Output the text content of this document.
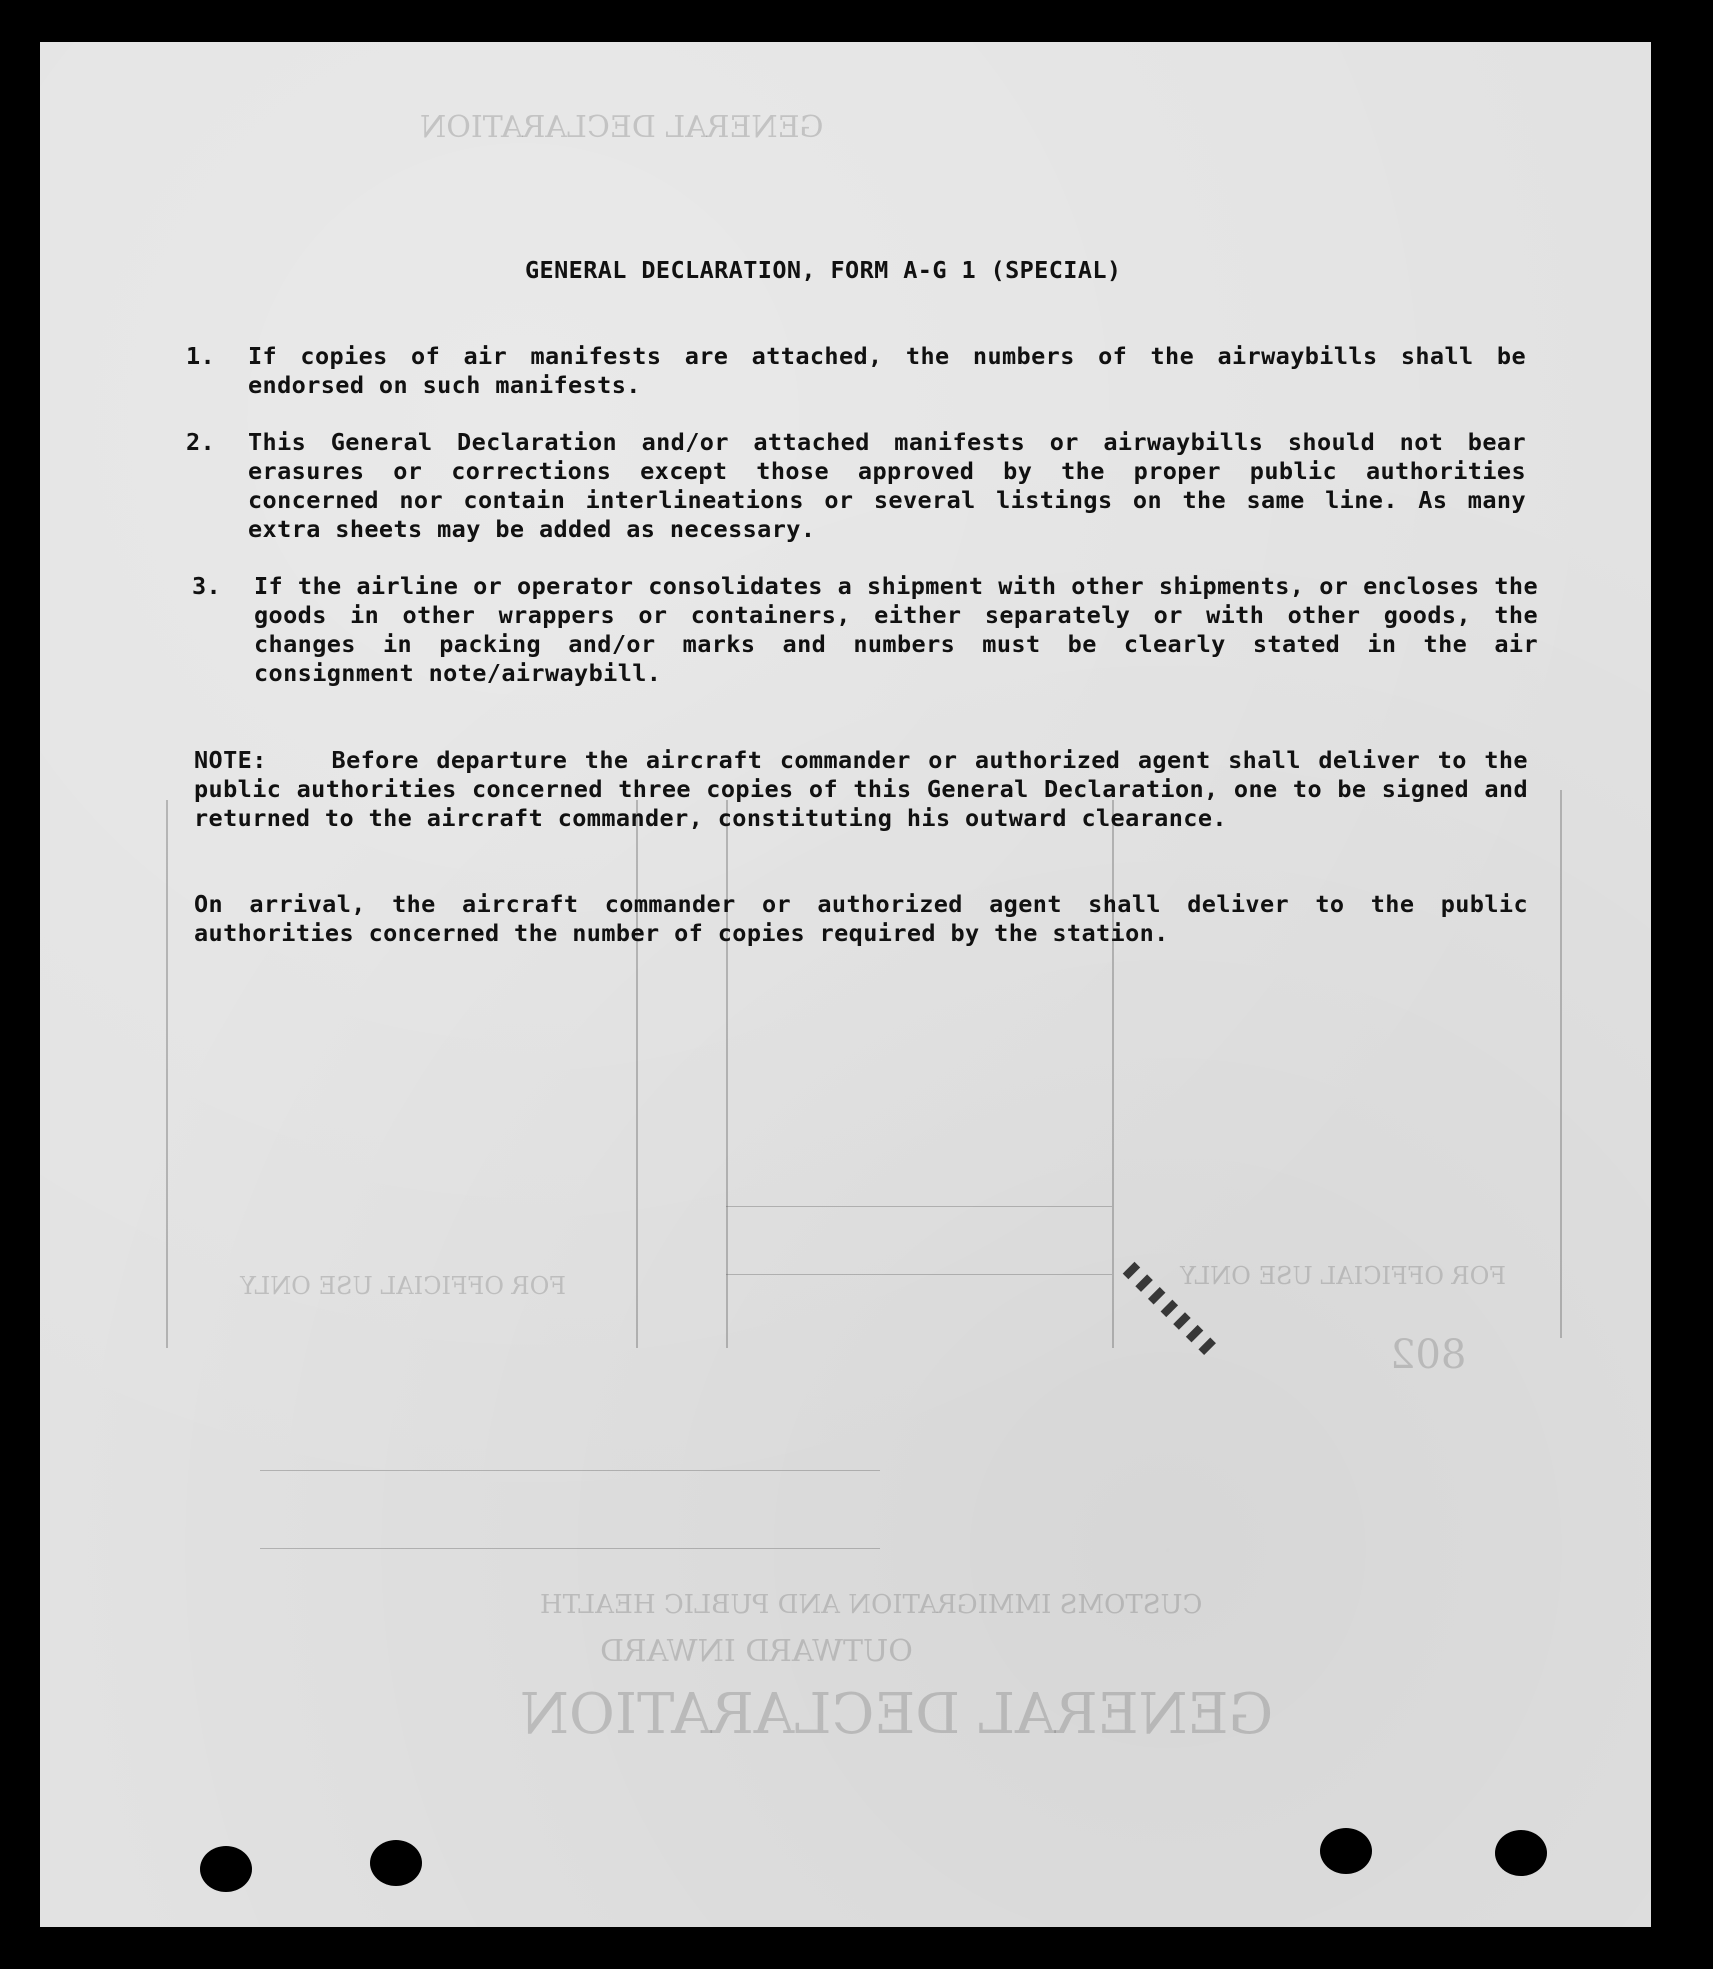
GENERAL DECLARATION
OUTWARD INWARD
CUSTOMS IMMIGRATION AND PUBLIC HEALTH
802
FOR OFFICIAL USE ONLY	FOR OFFICIAL USE ONLY
GENERAL DECLARATION
GENERAL DECLARATION, FORM A-G 1 (SPECIAL)
1.	If copies of air manifests are attached, the numbers of the airwaybills shall be endorsed on such manifests.
2.	This General Declaration and/or attached manifests or airwaybills should not bear erasures or corrections except those approved by the proper public authorities concerned nor contain interlineations or several listings on the same line. As many extra sheets may be added as necessary.
3.	If the airline or operator consolidates a shipment with other shipments, or encloses the goods in other wrappers or containers, either separately or with other goods, the changes in packing and/or marks and numbers must be clearly stated in the air consignment note/airwaybill.
NOTE:	Before departure the aircraft commander or authorized agent shall deliver to the public authorities concerned three copies of this General Declaration, one to be signed and returned to the aircraft commander, constituting his outward clearance.
On arrival, the aircraft commander or authorized agent shall deliver to the public authorities concerned the number of copies required by the station.
▮▮▮▮▮▮▮
